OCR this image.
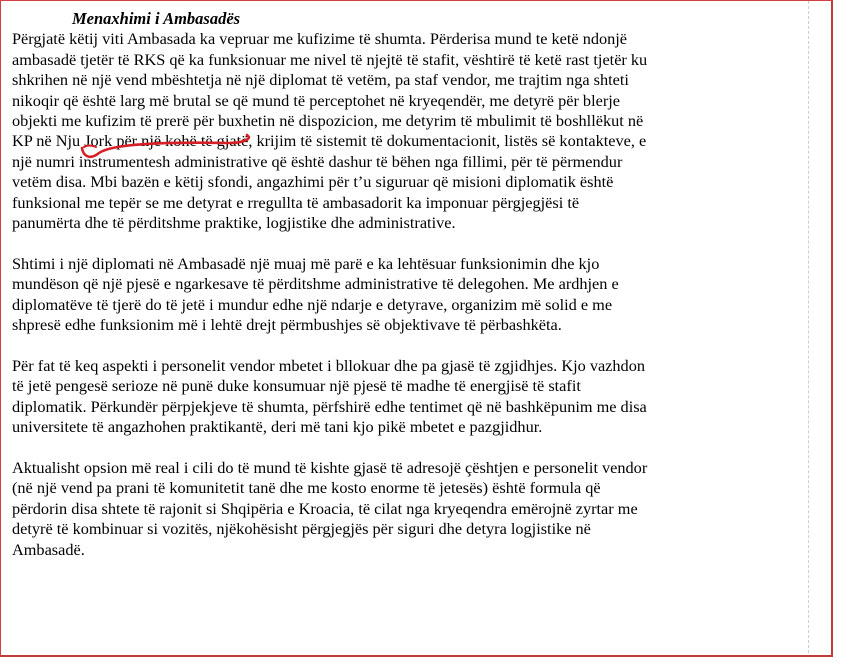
Menaxhimi i Ambasadës
Përgjatë këtij viti Ambasada ka vepruar me kufizime të shumta. Përderisa mund te ketë ndonjë
ambasadë tjetër të RKS që ka funksionuar me nivel të njejtë të stafit, vështirë të ketë rast tjetër ku
shkrihen në një vend mbështetja në një diplomat të vetëm, pa staf vendor, me trajtim nga shteti
nikoqir që është larg më brutal se që mund të perceptohet në kryeqendër, me detyrë për blerje
objekti me kufizim të prerë për buxhetin në dispozicion, me detyrim të mbulimit të boshllëkut në
KP në Nju Jork për një kohë të gjatë, krijim të sistemit të dokumentacionit, listës së kontakteve, e
një numri instrumentesh administrative që është dashur të bëhen nga fillimi, për të përmendur
vetëm disa. Mbi bazën e këtij sfondi, angazhimi për t’u siguruar që misioni diplomatik është
funksional me tepër se me detyrat e rregullta të ambasadorit ka imponuar përgjegjësi të
panumërta dhe të përditshme praktike, logjistike dhe administrative.
Shtimi i një diplomati në Ambasadë një muaj më parë e ka lehtësuar funksionimin dhe kjo
mundëson që një pjesë e ngarkesave të përditshme administrative të delegohen. Me ardhjen e
diplomatëve të tjerë do të jetë i mundur edhe një ndarje e detyrave, organizim më solid e me
shpresë edhe funksionim më i lehtë drejt përmbushjes së objektivave të përbashkëta.
Për fat të keq aspekti i personelit vendor mbetet i bllokuar dhe pa gjasë të zgjidhjes. Kjo vazhdon
të jetë pengesë serioze në punë duke konsumuar një pjesë të madhe të energjisë të stafit
diplomatik. Përkundër përpjekjeve të shumta, përfshirë edhe tentimet që në bashkëpunim me disa
universitete të angazhohen praktikantë, deri më tani kjo pikë mbetet e pazgjidhur.
Aktualisht opsion më real i cili do të mund të kishte gjasë të adresojë çështjen e personelit vendor
(në një vend pa prani të komunitetit tanë dhe me kosto enorme të jetesës) është formula që
përdorin disa shtete të rajonit si Shqipëria e Kroacia, të cilat nga kryeqendra emërojnë zyrtar me
detyrë të kombinuar si vozitës, njëkohësisht përgjegjës për siguri dhe detyra logjistike në
Ambasadë.
